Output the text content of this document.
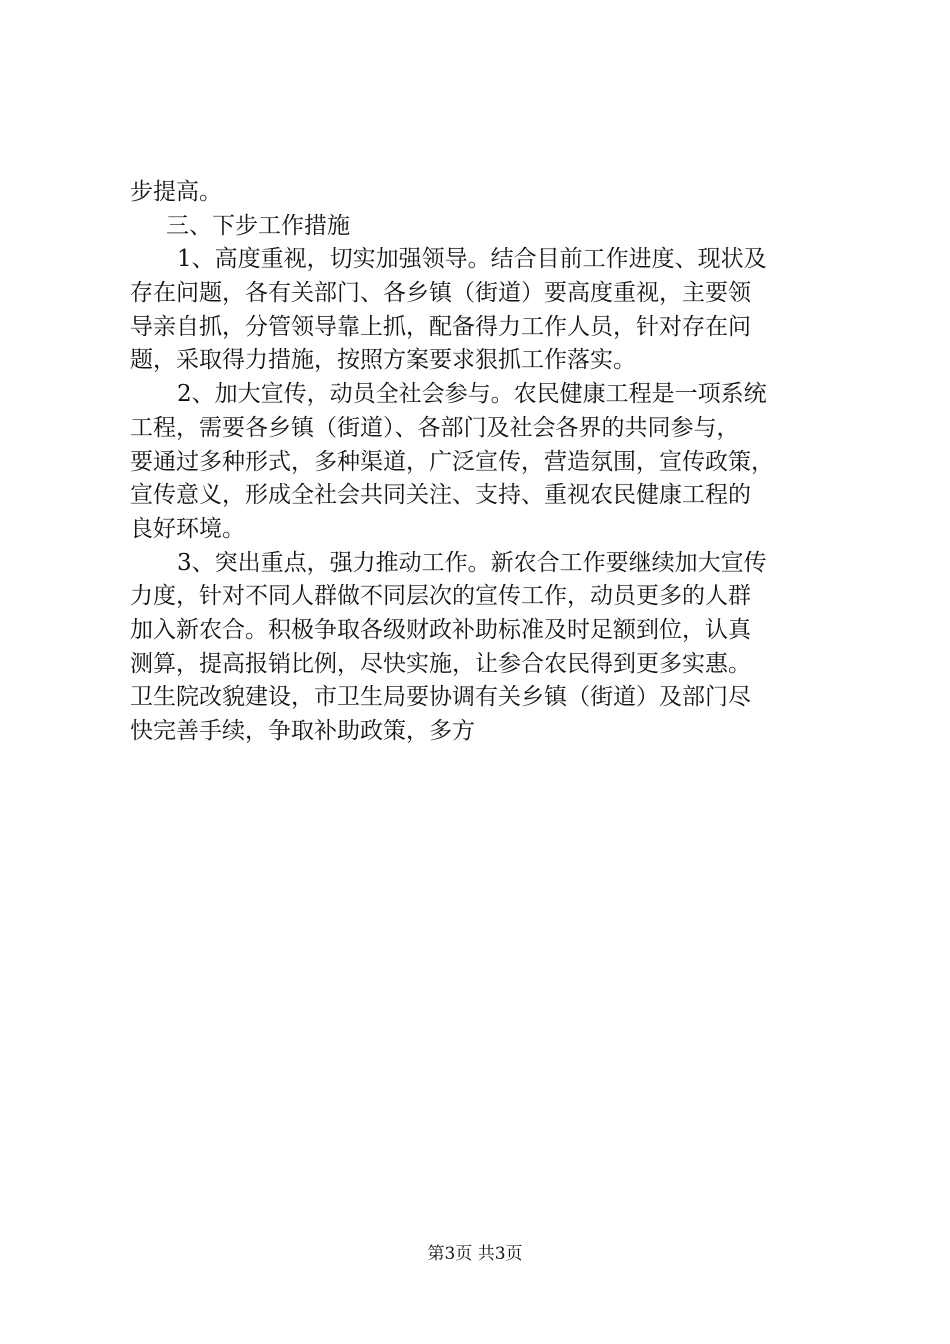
步提高。
三、下步工作措施
1、高度重视，切实加强领导。结合目前工作进度、现状及
存在问题，各有关部门、各乡镇（街道）要高度重视，主要领
导亲自抓，分管领导靠上抓，配备得力工作人员，针对存在问
题，采取得力措施，按照方案要求狠抓工作落实。
2、加大宣传，动员全社会参与。农民健康工程是一项系统
工程，需要各乡镇（街道）、各部门及社会各界的共同参与，
要通过多种形式，多种渠道，广泛宣传，营造氛围，宣传政策，
宣传意义，形成全社会共同关注、支持、重视农民健康工程的
良好环境。
3、突出重点，强力推动工作。新农合工作要继续加大宣传
力度，针对不同人群做不同层次的宣传工作，动员更多的人群
加入新农合。积极争取各级财政补助标准及时足额到位，认真
测算，提高报销比例，尽快实施，让参合农民得到更多实惠。
卫生院改貌建设，市卫生局要协调有关乡镇（街道）及部门尽
快完善手续，争取补助政策，多方
第3页 共3页
